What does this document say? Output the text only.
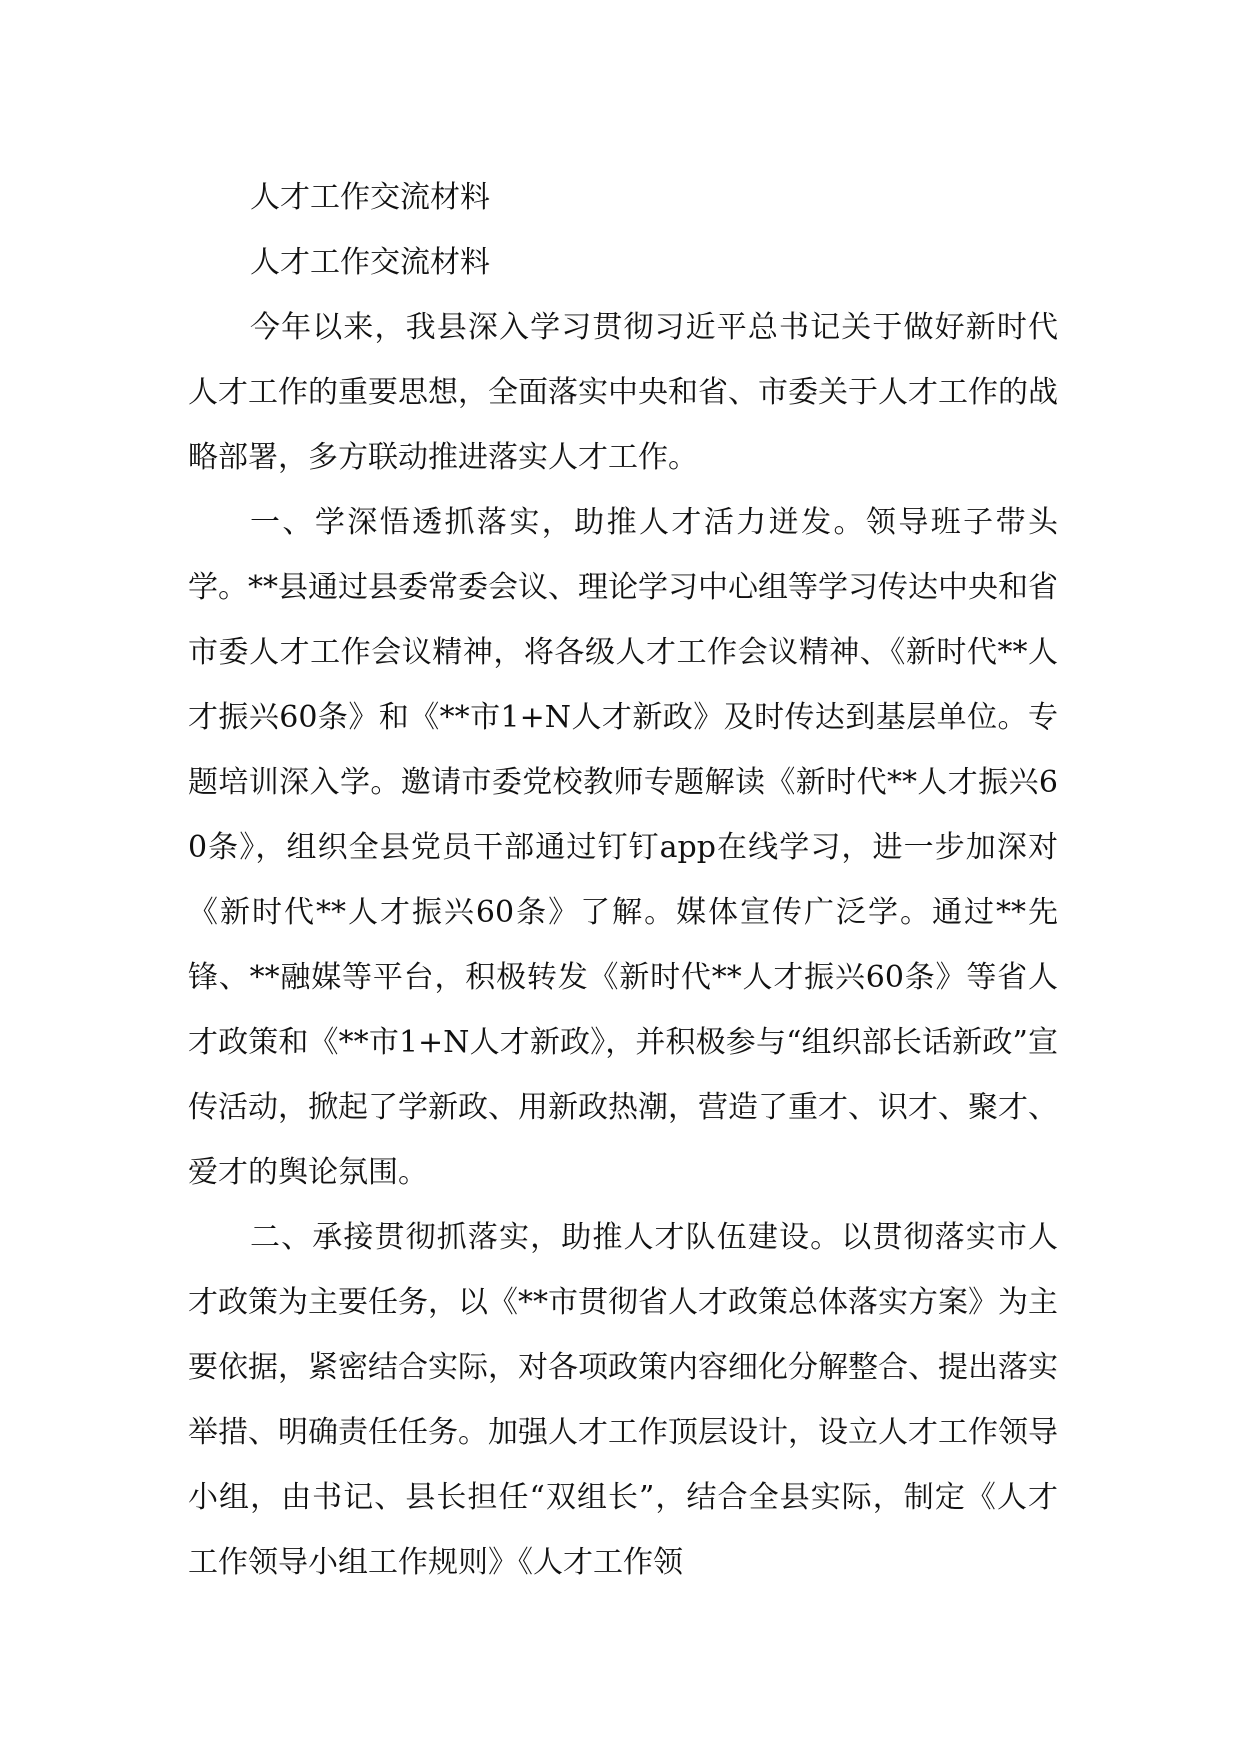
人才工作交流材料

人才工作交流材料

今年以来，我县深入学习贯彻习近平总书记关于做好新时代人才工作的重要思想，全面落实中央和省、市委关于人才工作的战略部署，多方联动推进落实人才工作。

一、学深悟透抓落实，助推人才活力迸发。领导班子带头学。**县通过县委常委会议、理论学习中心组等学习传达中央和省市委人才工作会议精神，将各级人才工作会议精神、《新时代**人才振兴60条》和《**市1+N人才新政》及时传达到基层单位。专题培训深入学。邀请市委党校教师专题解读《新时代**人才振兴60条》，组织全县党员干部通过钉钉app在线学习，进一步加深对《新时代**人才振兴60条》了解。媒体宣传广泛学。通过**先锋、**融媒等平台，积极转发《新时代**人才振兴60条》等省人才政策和《**市1+N人才新政》，并积极参与“组织部长话新政”宣传活动，掀起了学新政、用新政热潮，营造了重才、识才、聚才、爱才的舆论氛围。

二、承接贯彻抓落实，助推人才队伍建设。以贯彻落实市人才政策为主要任务，以《**市贯彻省人才政策总体落实方案》为主要依据，紧密结合实际，对各项政策内容细化分解整合、提出落实举措、明确责任任务。加强人才工作顶层设计，设立人才工作领导小组，由书记、县长担任“双组长”，结合全县实际，制定《人才工作领导小组工作规则》《人才工作领
